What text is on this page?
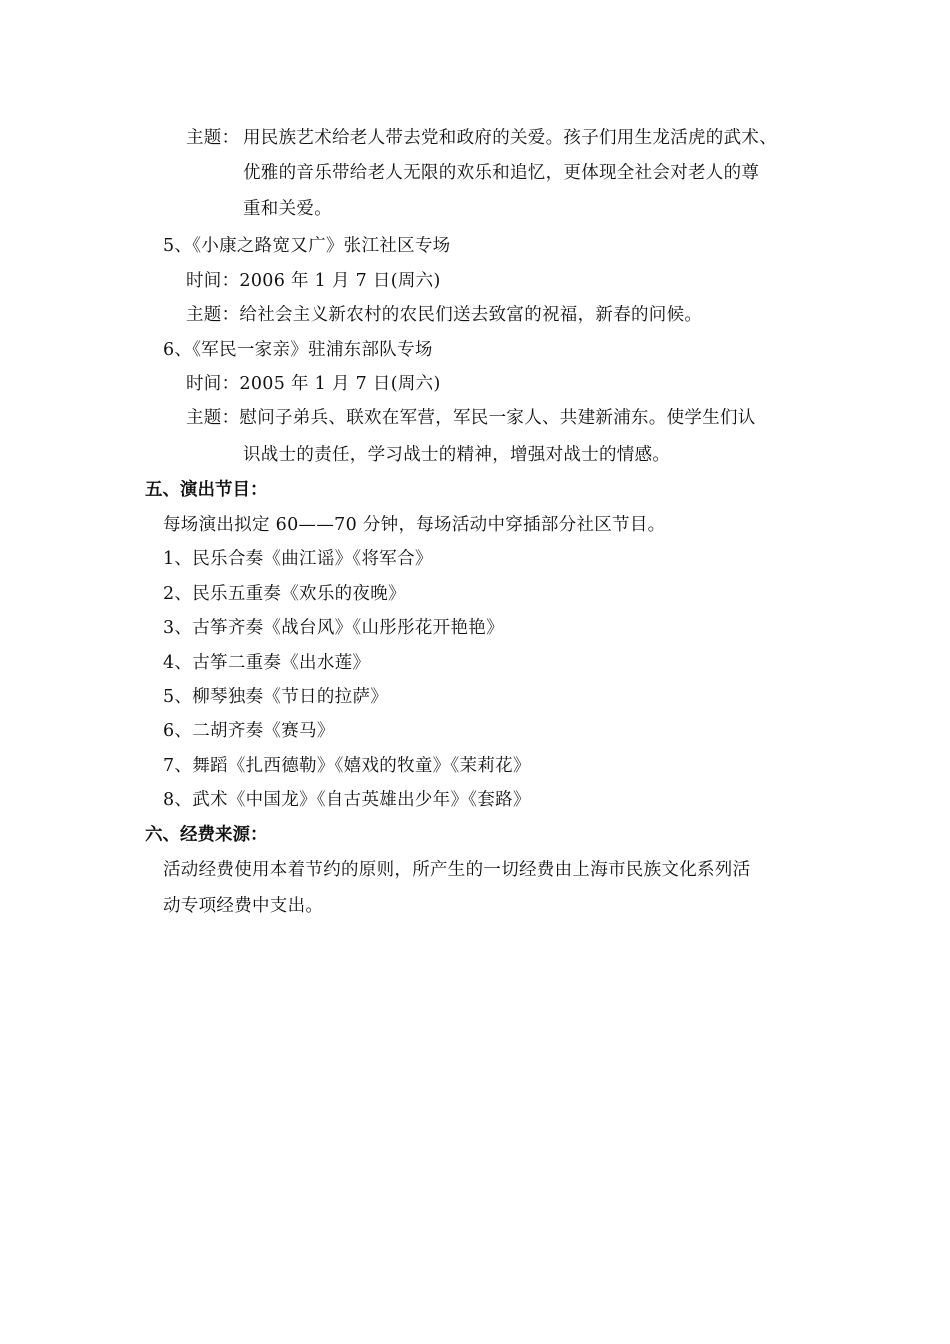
主题： 用民族艺术给老人带去党和政府的关爱。孩子们用生龙活虎的武术、
优雅的音乐带给老人无限的欢乐和追忆，更体现全社会对老人的尊
重和关爱。
5、《小康之路宽又广》张江社区专场
时间：2006 年 1 月 7 日(周六)
主题：给社会主义新农村的农民们送去致富的祝福，新春的问候。
6、《军民一家亲》驻浦东部队专场
时间：2005 年 1 月 7 日(周六)
主题：慰问子弟兵、联欢在军营，军民一家人、共建新浦东。使学生们认
识战士的责任，学习战士的精神，增强对战士的情感。
五、演出节目：
每场演出拟定 60——70 分钟，每场活动中穿插部分社区节目。
1、民乐合奏《曲江谣》《将军合》
2、民乐五重奏《欢乐的夜晚》
3、古筝齐奏《战台风》《山彤彤花开艳艳》
4、古筝二重奏《出水莲》
5、柳琴独奏《节日的拉萨》
6、二胡齐奏《赛马》
7、舞蹈《扎西德勒》《嬉戏的牧童》《茉莉花》
8、武术《中国龙》《自古英雄出少年》《套路》
六、经费来源：
活动经费使用本着节约的原则，所产生的一切经费由上海市民族文化系列活
动专项经费中支出。
